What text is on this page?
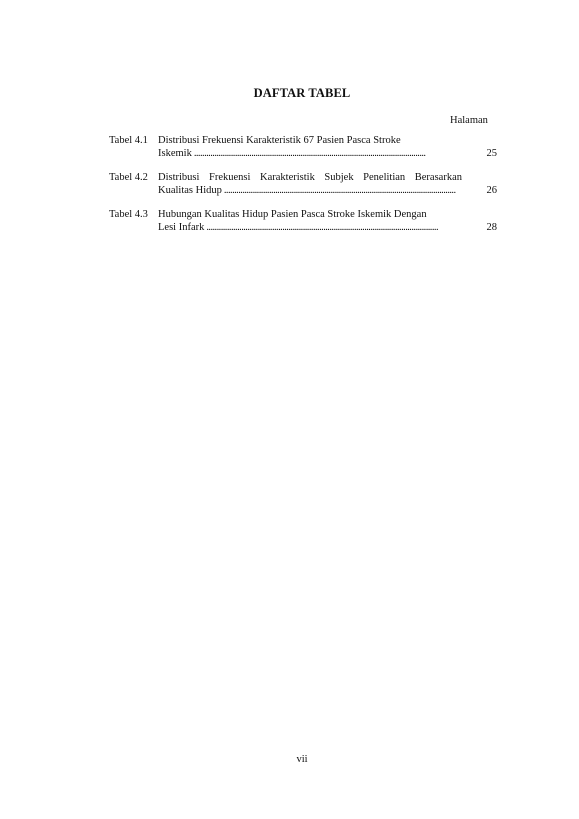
DAFTAR TABEL
Halaman
Tabel 4.1 Distribusi Frekuensi Karakteristik 67 Pasien Pasca Stroke
Iskemik . . .	25
Tabel 4.2 Distribusi Frekuensi Karakteristik Subjek Penelitian Berasarkan
Kualitas Hidup . . .	26
Tabel 4.3 Hubungan Kualitas Hidup Pasien Pasca Stroke Iskemik Dengan
Lesi Infark . . .	28
vii
